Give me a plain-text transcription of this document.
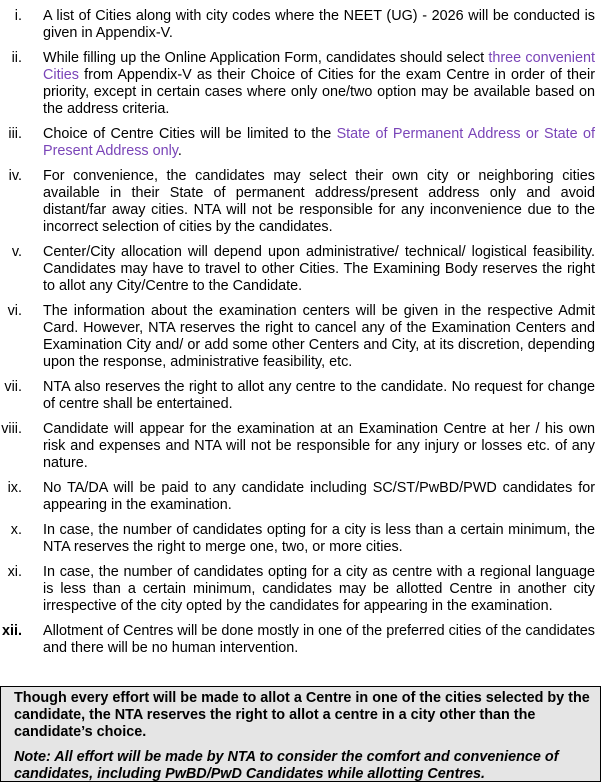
i. A list of Cities along with city codes where the NEET (UG) - 2026 will be conducted is given in Appendix-V.
ii. While filling up the Online Application Form, candidates should select three convenient Cities from Appendix-V as their Choice of Cities for the exam Centre in order of their priority, except in certain cases where only one/two option may be available based on the address criteria.
iii. Choice of Centre Cities will be limited to the State of Permanent Address or State of Present Address only.
iv. For convenience, the candidates may select their own city or neighboring cities available in their State of permanent address/present address only and avoid distant/far away cities. NTA will not be responsible for any inconvenience due to the incorrect selection of cities by the candidates.
v. Center/City allocation will depend upon administrative/ technical/ logistical feasibility. Candidates may have to travel to other Cities. The Examining Body reserves the right to allot any City/Centre to the Candidate.
vi. The information about the examination centers will be given in the respective Admit Card. However, NTA reserves the right to cancel any of the Examination Centers and Examination City and/ or add some other Centers and City, at its discretion, depending upon the response, administrative feasibility, etc.
vii. NTA also reserves the right to allot any centre to the candidate. No request for change of centre shall be entertained.
viii. Candidate will appear for the examination at an Examination Centre at her / his own risk and expenses and NTA will not be responsible for any injury or losses etc. of any nature.
ix. No TA/DA will be paid to any candidate including SC/ST/PwBD/PWD candidates for appearing in the examination.
x. In case, the number of candidates opting for a city is less than a certain minimum, the NTA reserves the right to merge one, two, or more cities.
xi. In case, the number of candidates opting for a city as centre with a regional language is less than a certain minimum, candidates may be allotted Centre in another city irrespective of the city opted by the candidates for appearing in the examination.
xii. Allotment of Centres will be done mostly in one of the preferred cities of the candidates and there will be no human intervention.

Though every effort will be made to allot a Centre in one of the cities selected by the candidate, the NTA reserves the right to allot a centre in a city other than the candidate’s choice.

Note: All effort will be made by NTA to consider the comfort and convenience of candidates, including PwBD/PwD Candidates while allotting Centres.
